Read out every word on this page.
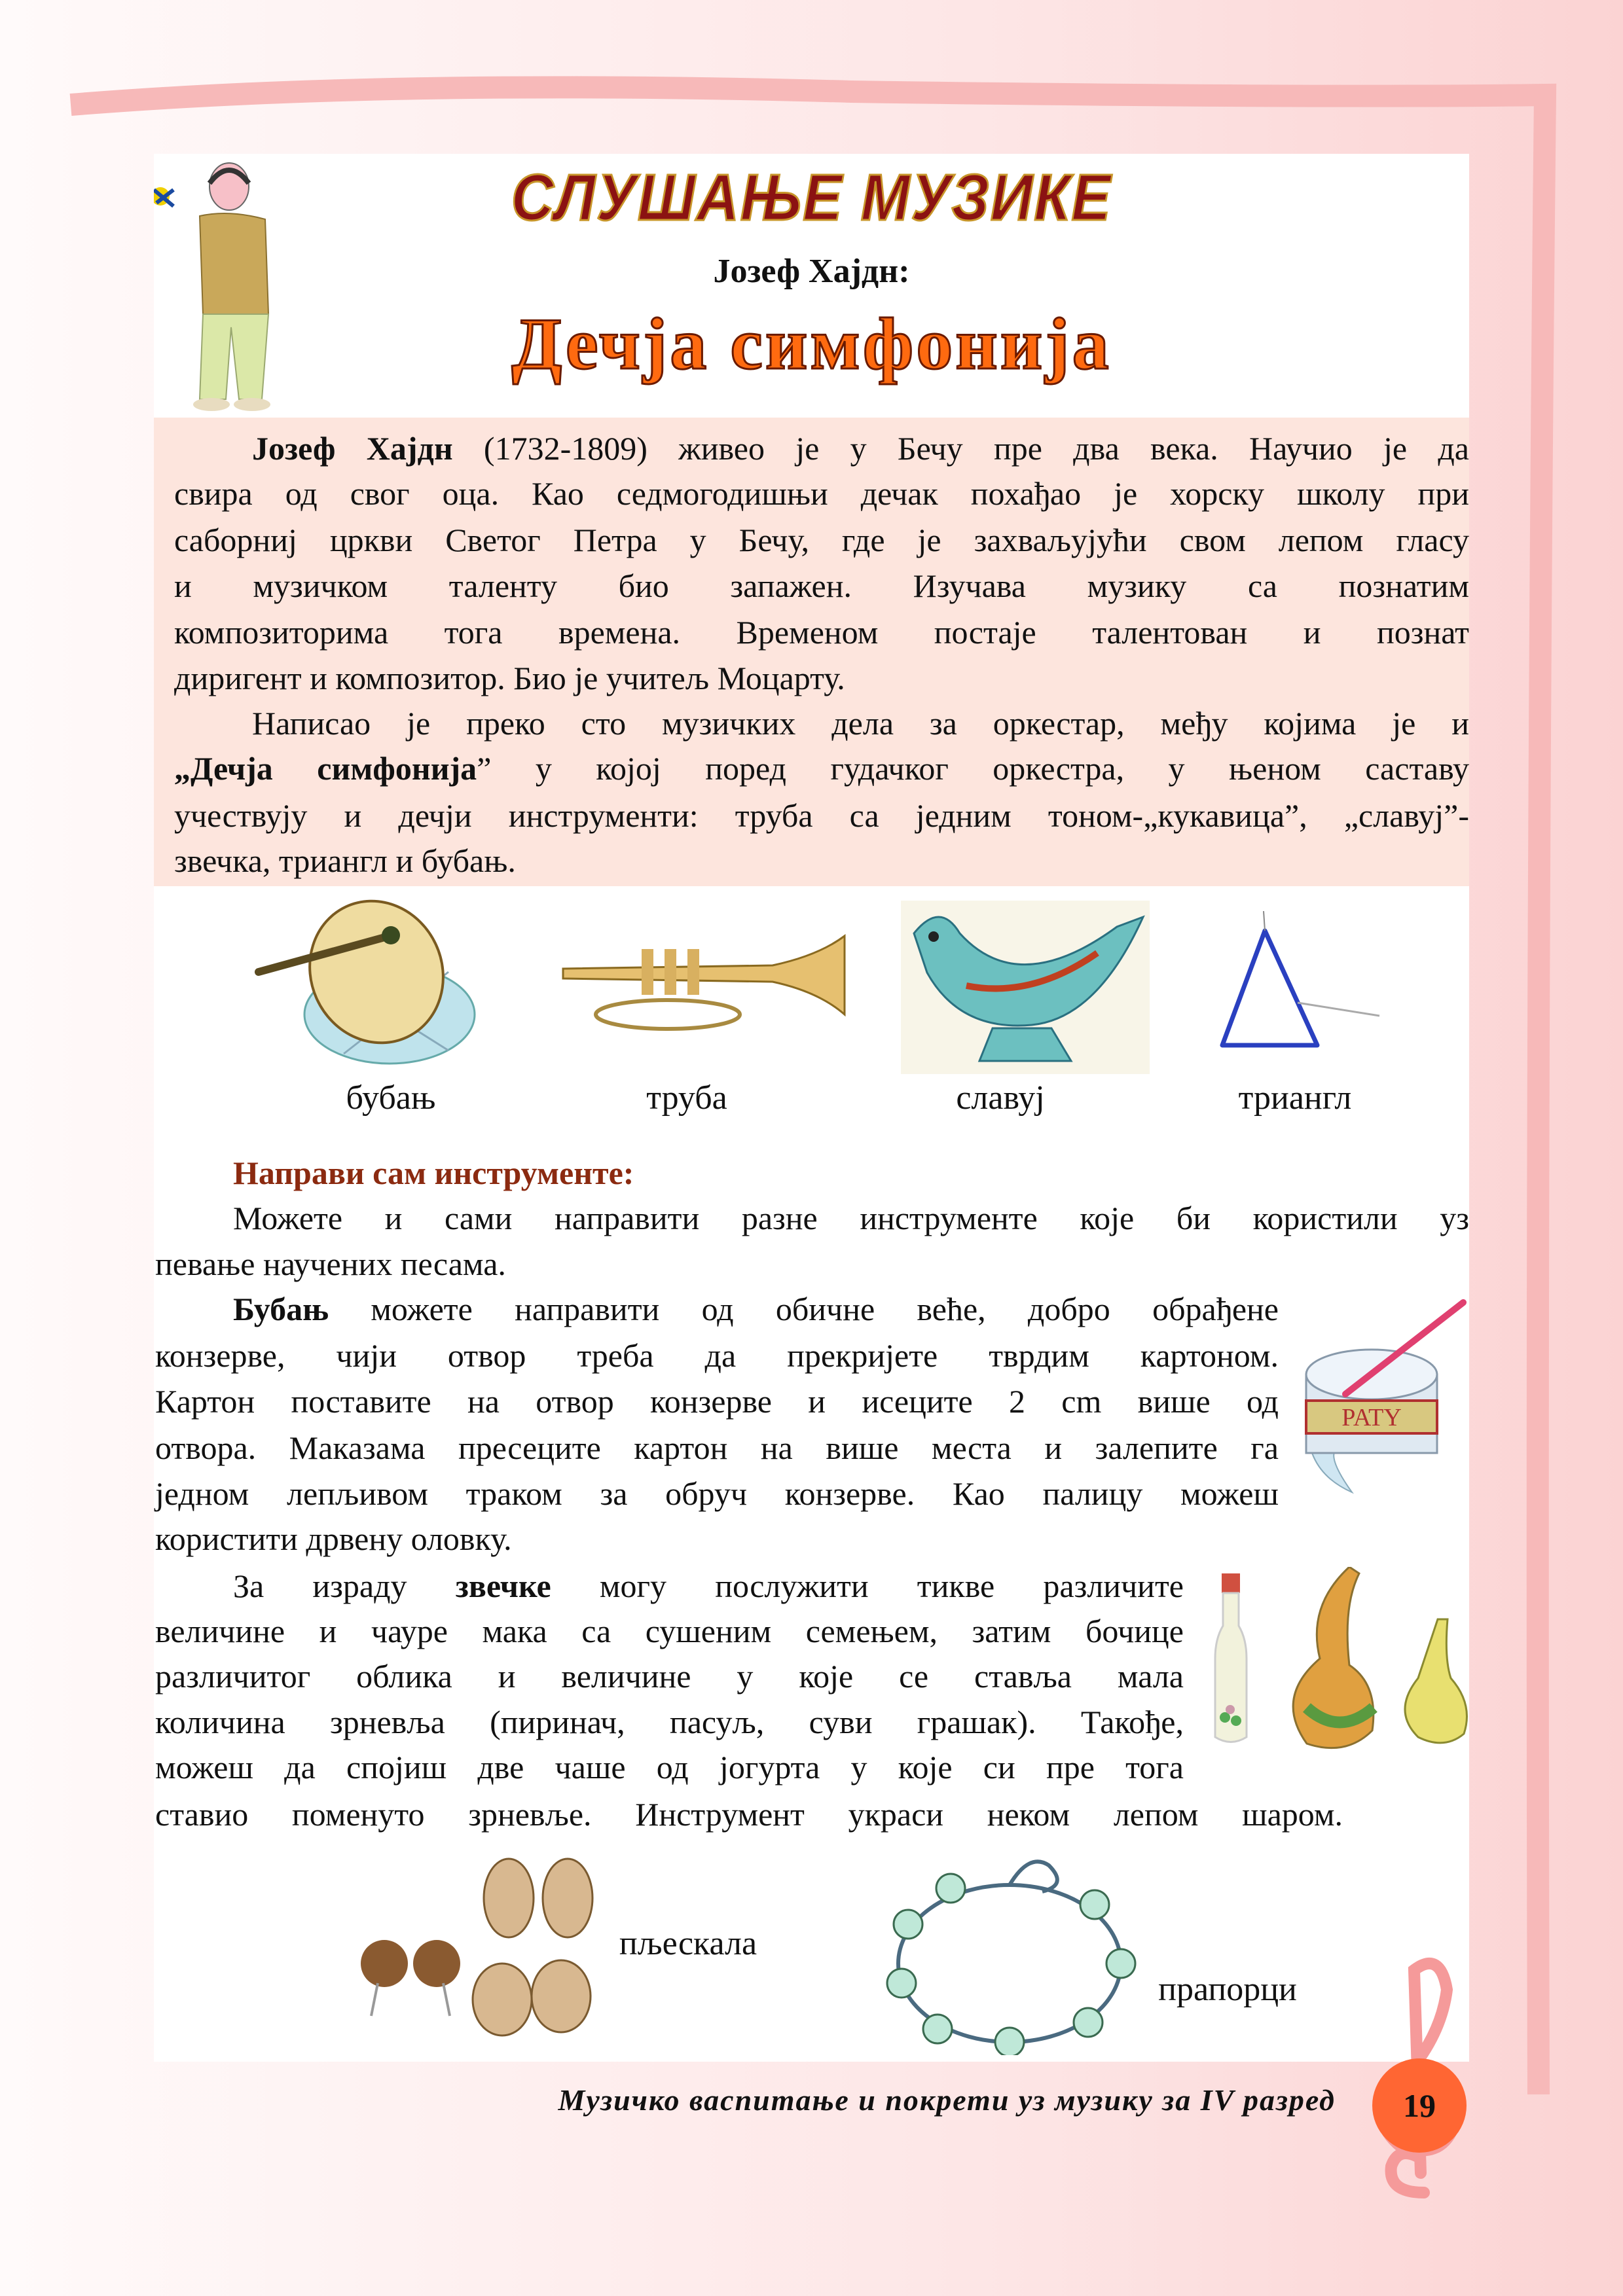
СЛУШАЊЕ МУЗИКЕ
Јозеф Хајдн:
Дечја симфонија
Јозеф Хајдн (1732-1809) живео је у Бечу пре два века. Научио је да
свира од свог оца. Као седмогодишњи дечак похађао је хорску школу при
саборниј цркви Светог Петра у Бечу, где је захваљујући свом лепом гласу
и музичком таленту био запажен. Изучава музику са познатим
композиторима тога времена. Временом постаје талентован и познат
диригент и композитор. Био је учитељ Моцарту.
Написао је преко сто музичких дела за оркестар, међу којима је и
„Дечја симфонија” у којој поред гудачког оркестра, у њеном саставу
учествују и дечји инструменти: труба са једним тоном-„кукавица”, „славуј”-
звечка, триангл и бубањ.
бубањ	труба	славуј	триангл
Направи сам инструменте:
Можете и сами направити разне инструменте које би користили уз
певање научених песама.
Бубањ можете направити од обичне веће, добро обрађене
конзерве, чији отвор треба да прекријете тврдим картоном.
Картон поставите на отвор конзерве и исеците 2 cm више од
отвора. Маказама пресеците картон на више места и залепите га
једном лепљивом траком за обруч конзерве. Као палицу можеш
користити дрвену оловку.
За израду звечке могу послужити тикве различите
величине и чауре мака са сушеним семењем, затим бочице
различитог облика и величине у које се ставља мала
количина зрневља (пиринач, пасуљ, суви грашак). Такође,
можеш да спојиш две чаше од јогурта у које си пре тога
ставио поменуто зрневље. Инструмент украси неком лепом шаром.
PATY
пљескала
прапорци
Музичко васпитање и покрети уз музику за IV разред	19
